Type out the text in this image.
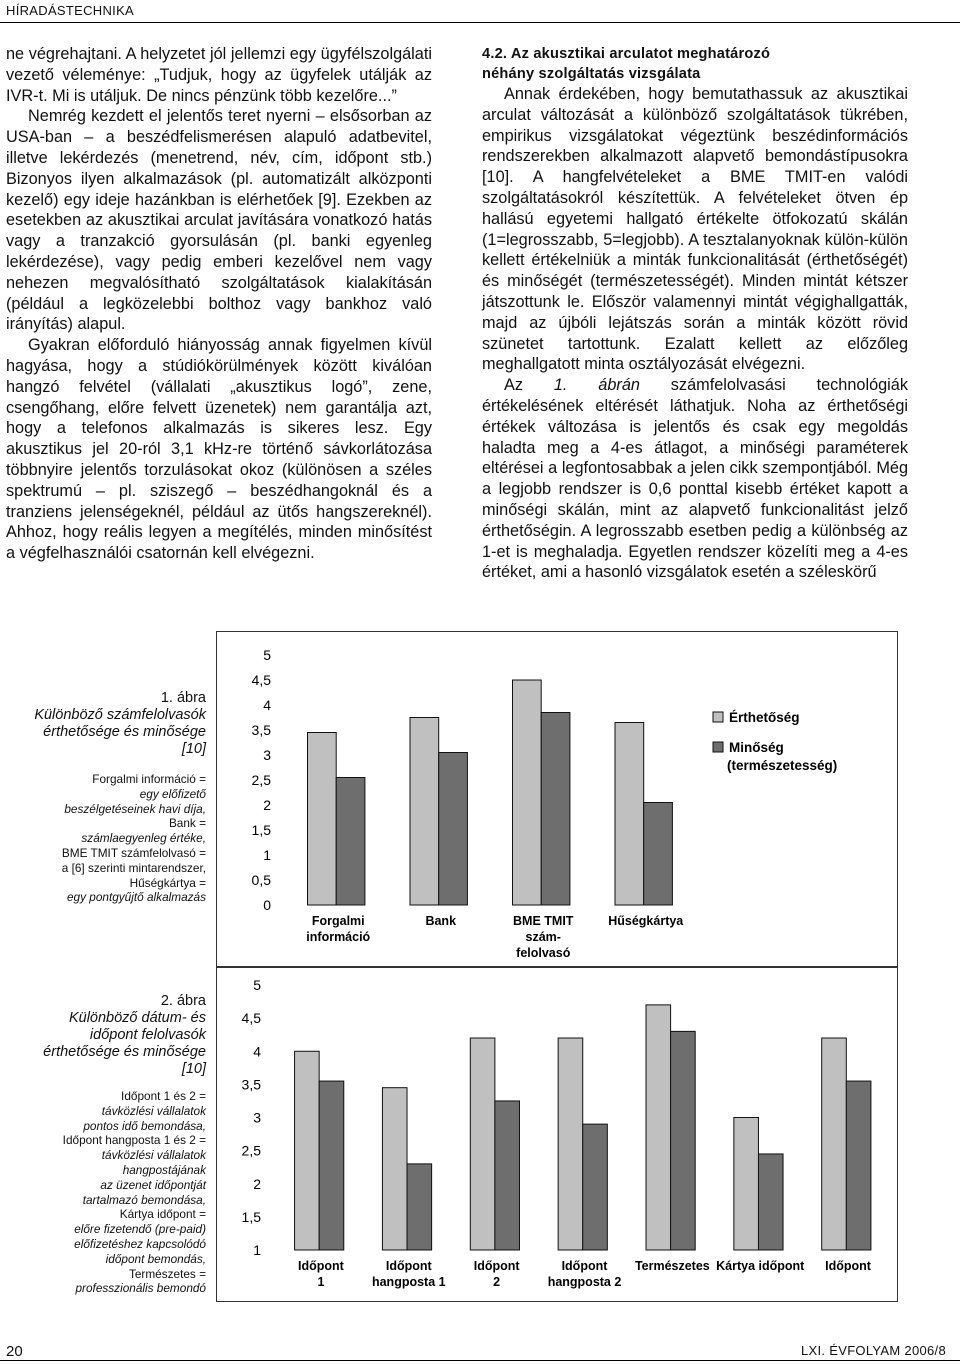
HÍRADÁSTECHNIKA

ne végrehajtani. A helyzetet jól jellemzi egy ügyfélszolgálati vezető véleménye: „Tudjuk, hogy az ügyfelek utálják az IVR-t. Mi is utáljuk. De nincs pénzünk több kezelőre...”

Nemrég kezdett el jelentős teret nyerni – elsősorban az USA-ban – a beszédfelismerésen alapuló adatbevitel, illetve lekérdezés (menetrend, név, cím, időpont stb.) Bizonyos ilyen alkalmazások (pl. automatizált alközponti kezelő) egy ideje hazánkban is elérhetőek [9]. Ezekben az esetekben az akusztikai arculat javítására vonatkozó hatás vagy a tranzakció gyorsulásán (pl. banki egyenleg lekérdezése), vagy pedig emberi kezelővel nem vagy nehezen megvalósítható szolgáltatások kialakításán (például a legközelebbi bolthoz vagy bankhoz való irányítás) alapul.

Gyakran előforduló hiányosság annak figyelmen kívül hagyása, hogy a stúdiókörülmények között kiválóan hangzó felvétel (vállalati „akusztikus logó”, zene, csengőhang, előre felvett üzenetek) nem garantálja azt, hogy a telefonos alkalmazás is sikeres lesz. Egy akusztikus jel 20-ról 3,1 kHz-re történő sávkorlátozása többnyire jelentős torzulásokat okoz (különösen a széles spektrumú – pl. sziszegő – beszédhangoknál és a tranziens jelenségeknél, például az ütős hangszereknél). Ahhoz, hogy reális legyen a megítélés, minden minősítést a végfelhasználói csatornán kell elvégezni.

4.2. Az akusztikai arculatot meghatározó

néhány szolgáltatás vizsgálata

Annak érdekében, hogy bemutathassuk az akusztikai arculat változását a különböző szolgáltatások tükrében, empirikus vizsgálatokat végeztünk beszédinformációs rendszerekben alkalmazott alapvető bemondástípusokra [10]. A hangfelvételeket a BME TMIT-en valódi szolgáltatásokról készítettük. A felvételeket ötven ép hallású egyetemi hallgató értékelte ötfokozatú skálán (1=legrosszabb, 5=legjobb). A tesztalanyoknak külön-külön kellett értékelniük a minták funkcionalitását (érthetőségét) és minőségét (természetességét). Minden mintát kétszer játszottunk le. Először valamennyi mintát végighallgatták, majd az újbóli lejátszás során a minták között rövid szünetet tartottunk. Ezalatt kellett az előzőleg meghallgatott minta osztályozását elvégezni.

Az 1. ábrán számfelolvasási technológiák értékelésének eltérését láthatjuk. Noha az érthetőségi értékek változása is jelentős és csak egy megoldás haladta meg a 4-es átlagot, a minőségi paraméterek eltérései a legfontosabbak a jelen cikk szempontjából. Még a legjobb rendszer is 0,6 ponttal kisebb értéket kapott a minőségi skálán, mint az alapvető funkcionalitást jelző érthetőségin. A legrosszabb esetben pedig a különbség az 1-et is meghaladja. Egyetlen rendszer közelíti meg a 4-es értéket, ami a hasonló vizsgálatok esetén a széleskörű

1. ábra
Különböző számfelolvasók érthetősége és minősége [10]
Forgalmi információ =
egy előfizető
beszélgetéseinek havi díja,
Bank =
számlaegyenleg értéke,
BME TMIT számfelolvasó =
a [6] szerinti mintarendszer,
Hűségkártya =
egy pontgyűjtő alkalmazás	0
0,5
1
1,5
2
2,5
3
3,5
4
4,5
5
Forgalmi
információ
Bank	BME TMIT
szám-
felolvasó
Hűségkártya
Érthetőség
Minőség
(természetesség)
2. ábra
Különböző dátum- és időpont felolvasók érthetősége és minősége [10]
Időpont 1 és 2 =
távközlési vállalatok
pontos idő bemondása,
Időpont hangposta 1 és 2 =
távközlési vállalatok
hangpostájának
az üzenet időpontját
tartalmazó bemondása,
Kártya időpont =
előre fizetendő (pre-paid)
előfizetéshez kapcsolódó
időpont bemondás,
Természetes =
professzionális bemondó
1
1,5
2
2,5
3
3,5
4
4,5
5
Időpont
1
Időpont
hangposta 1
Időpont
2
Időpont
hangposta 2
Természetes Kártya időpont Időpont
20	LXI. ÉVFOLYAM 2006/8
